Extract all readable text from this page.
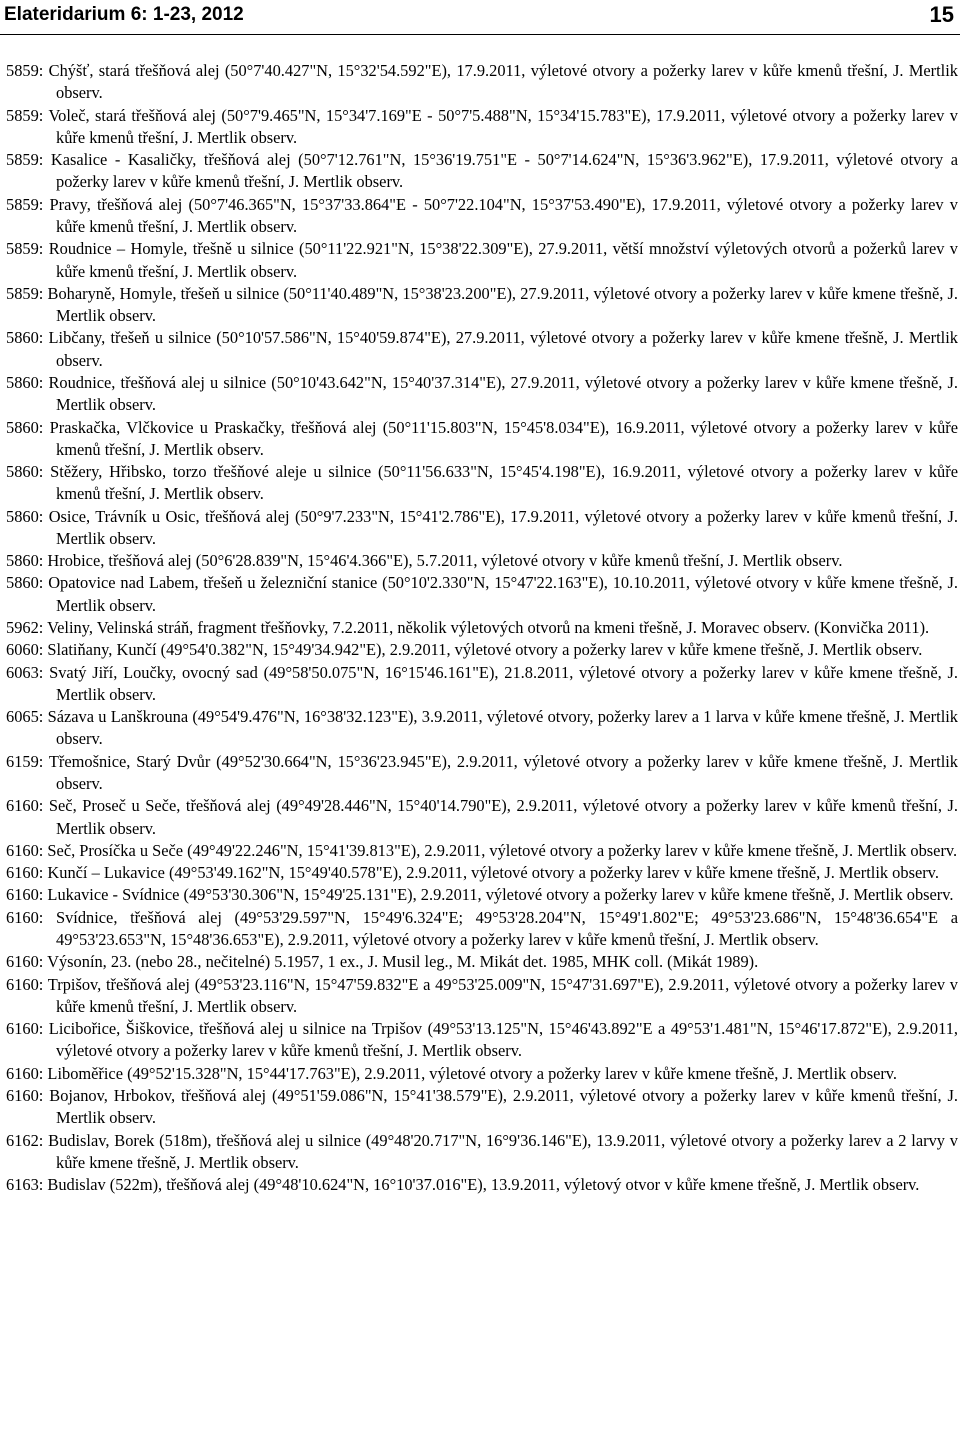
Elateridarium 6: 1-23, 2012	15

5859: Chýšť, stará třešňová alej (50°7'40.427"N, 15°32'54.592"E), 17.9.2011, výletové otvory a požerky larev v kůře kmenů třešní, J. Mertlik observ.

5859: Voleč, stará třešňová alej (50°7'9.465"N, 15°34'7.169"E - 50°7'5.488"N, 15°34'15.783"E), 17.9.2011, výletové otvory a požerky larev v kůře kmenů třešní, J. Mertlik observ.

5859: Kasalice - Kasaličky, třešňová alej (50°7'12.761"N, 15°36'19.751"E - 50°7'14.624"N, 15°36'3.962"E), 17.9.2011, výletové otvory a požerky larev v kůře kmenů třešní, J. Mertlik observ.

5859: Pravy, třešňová alej (50°7'46.365"N, 15°37'33.864"E - 50°7'22.104"N, 15°37'53.490"E), 17.9.2011, výletové otvory a požerky larev v kůře kmenů třešní, J. Mertlik observ.

5859: Roudnice – Homyle, třešně u silnice (50°11'22.921"N, 15°38'22.309"E), 27.9.2011, větší množství výletových otvorů a požerků larev v kůře kmenů třešní, J. Mertlik observ.

5859: Boharyně, Homyle, třešeň u silnice (50°11'40.489"N, 15°38'23.200"E), 27.9.2011, výletové otvory a požerky larev v kůře kmene třešně, J. Mertlik observ.

5860: Libčany, třešeň u silnice (50°10'57.586"N, 15°40'59.874"E), 27.9.2011, výletové otvory a požerky larev v kůře kmene třešně, J. Mertlik observ.

5860: Roudnice, třešňová alej u silnice (50°10'43.642"N, 15°40'37.314"E), 27.9.2011, výletové otvory a požerky larev v kůře kmene třešně, J. Mertlik observ.

5860: Praskačka, Vlčkovice u Praskačky, třešňová alej (50°11'15.803"N, 15°45'8.034"E), 16.9.2011, výletové otvory a požerky larev v kůře kmenů třešní, J. Mertlik observ.

5860: Stěžery, Hřibsko, torzo třešňové aleje u silnice (50°11'56.633"N, 15°45'4.198"E), 16.9.2011, výletové otvory a požerky larev v kůře kmenů třešní, J. Mertlik observ.

5860: Osice, Trávník u Osic, třešňová alej (50°9'7.233"N, 15°41'2.786"E), 17.9.2011, výletové otvory a požerky larev v kůře kmenů třešní, J. Mertlik observ.

5860: Hrobice, třešňová alej (50°6'28.839"N, 15°46'4.366"E), 5.7.2011, výletové otvory v kůře kmenů třešní, J. Mertlik observ.

5860: Opatovice nad Labem, třešeň u železniční stanice (50°10'2.330"N, 15°47'22.163"E), 10.10.2011, výletové otvory v kůře kmene třešně, J. Mertlik observ.

5962: Veliny, Velinská stráň, fragment třešňovky, 7.2.2011, několik výletových otvorů na kmeni třešně, J. Moravec observ. (Konvička 2011).

6060: Slatiňany, Kunčí (49°54'0.382"N, 15°49'34.942"E), 2.9.2011, výletové otvory a požerky larev v kůře kmene třešně, J. Mertlik observ.

6063: Svatý Jiří, Loučky, ovocný sad (49°58'50.075"N, 16°15'46.161"E), 21.8.2011, výletové otvory a požerky larev v kůře kmene třešně, J. Mertlik observ.

6065: Sázava u Lanškrouna (49°54'9.476"N, 16°38'32.123"E), 3.9.2011, výletové otvory, požerky larev a 1 larva v kůře kmene třešně, J. Mertlik observ.

6159: Třemošnice, Starý Dvůr (49°52'30.664"N, 15°36'23.945"E), 2.9.2011, výletové otvory a požerky larev v kůře kmene třešně, J. Mertlik observ.

6160: Seč, Proseč u Seče, třešňová alej (49°49'28.446"N, 15°40'14.790"E), 2.9.2011, výletové otvory a požerky larev v kůře kmenů třešní, J. Mertlik observ.

6160: Seč, Prosíčka u Seče (49°49'22.246"N, 15°41'39.813"E), 2.9.2011, výletové otvory a požerky larev v kůře kmene třešně, J. Mertlik observ.

6160: Kunčí – Lukavice (49°53'49.162"N, 15°49'40.578"E), 2.9.2011, výletové otvory a požerky larev v kůře kmene třešně, J. Mertlik observ.

6160: Lukavice - Svídnice (49°53'30.306"N, 15°49'25.131"E), 2.9.2011, výletové otvory a požerky larev v kůře kmene třešně, J. Mertlik observ.

6160: Svídnice, třešňová alej (49°53'29.597"N, 15°49'6.324"E; 49°53'28.204"N, 15°49'1.802"E; 49°53'23.686"N, 15°48'36.654"E a 49°53'23.653"N, 15°48'36.653"E), 2.9.2011, výletové otvory a požerky larev v kůře kmenů třešní, J. Mertlik observ.

6160: Výsonín, 23. (nebo 28., nečitelné) 5.1957, 1 ex., J. Musil leg., M. Mikát det. 1985, MHK coll. (Mikát 1989).

6160: Trpišov, třešňová alej (49°53'23.116"N, 15°47'59.832"E a 49°53'25.009"N, 15°47'31.697"E), 2.9.2011, výletové otvory a požerky larev v kůře kmenů třešní, J. Mertlik observ.

6160: Licibořice, Šiškovice, třešňová alej u silnice na Trpišov (49°53'13.125"N, 15°46'43.892"E a 49°53'1.481"N, 15°46'17.872"E), 2.9.2011, výletové otvory a požerky larev v kůře kmenů třešní, J. Mertlik observ.

6160: Liboměřice (49°52'15.328"N, 15°44'17.763"E), 2.9.2011, výletové otvory a požerky larev v kůře kmene třešně, J. Mertlik observ.

6160: Bojanov, Hrbokov, třešňová alej (49°51'59.086"N, 15°41'38.579"E), 2.9.2011, výletové otvory a požerky larev v kůře kmenů třešní, J. Mertlik observ.

6162: Budislav, Borek (518m), třešňová alej u silnice (49°48'20.717"N, 16°9'36.146"E), 13.9.2011, výletové otvory a požerky larev a 2 larvy v kůře kmene třešně, J. Mertlik observ.

6163: Budislav (522m), třešňová alej (49°48'10.624"N, 16°10'37.016"E), 13.9.2011, výletový otvor v kůře kmene třešně, J. Mertlik observ.
